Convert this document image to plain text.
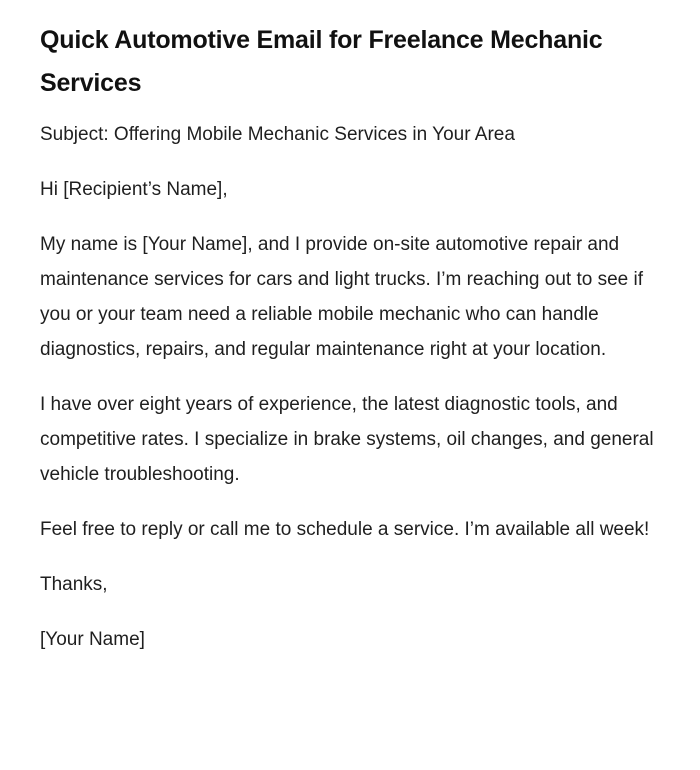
Quick Automotive Email for Freelance Mechanic Services

Subject: Offering Mobile Mechanic Services in Your Area

Hi [Recipient’s Name],

My name is [Your Name], and I provide on-site automotive repair and maintenance services for cars and light trucks. I’m reaching out to see if you or your team need a reliable mobile mechanic who can handle diagnostics, repairs, and regular maintenance right at your location.

I have over eight years of experience, the latest diagnostic tools, and competitive rates. I specialize in brake systems, oil changes, and general vehicle troubleshooting.

Feel free to reply or call me to schedule a service. I’m available all week!

Thanks,

[Your Name]
